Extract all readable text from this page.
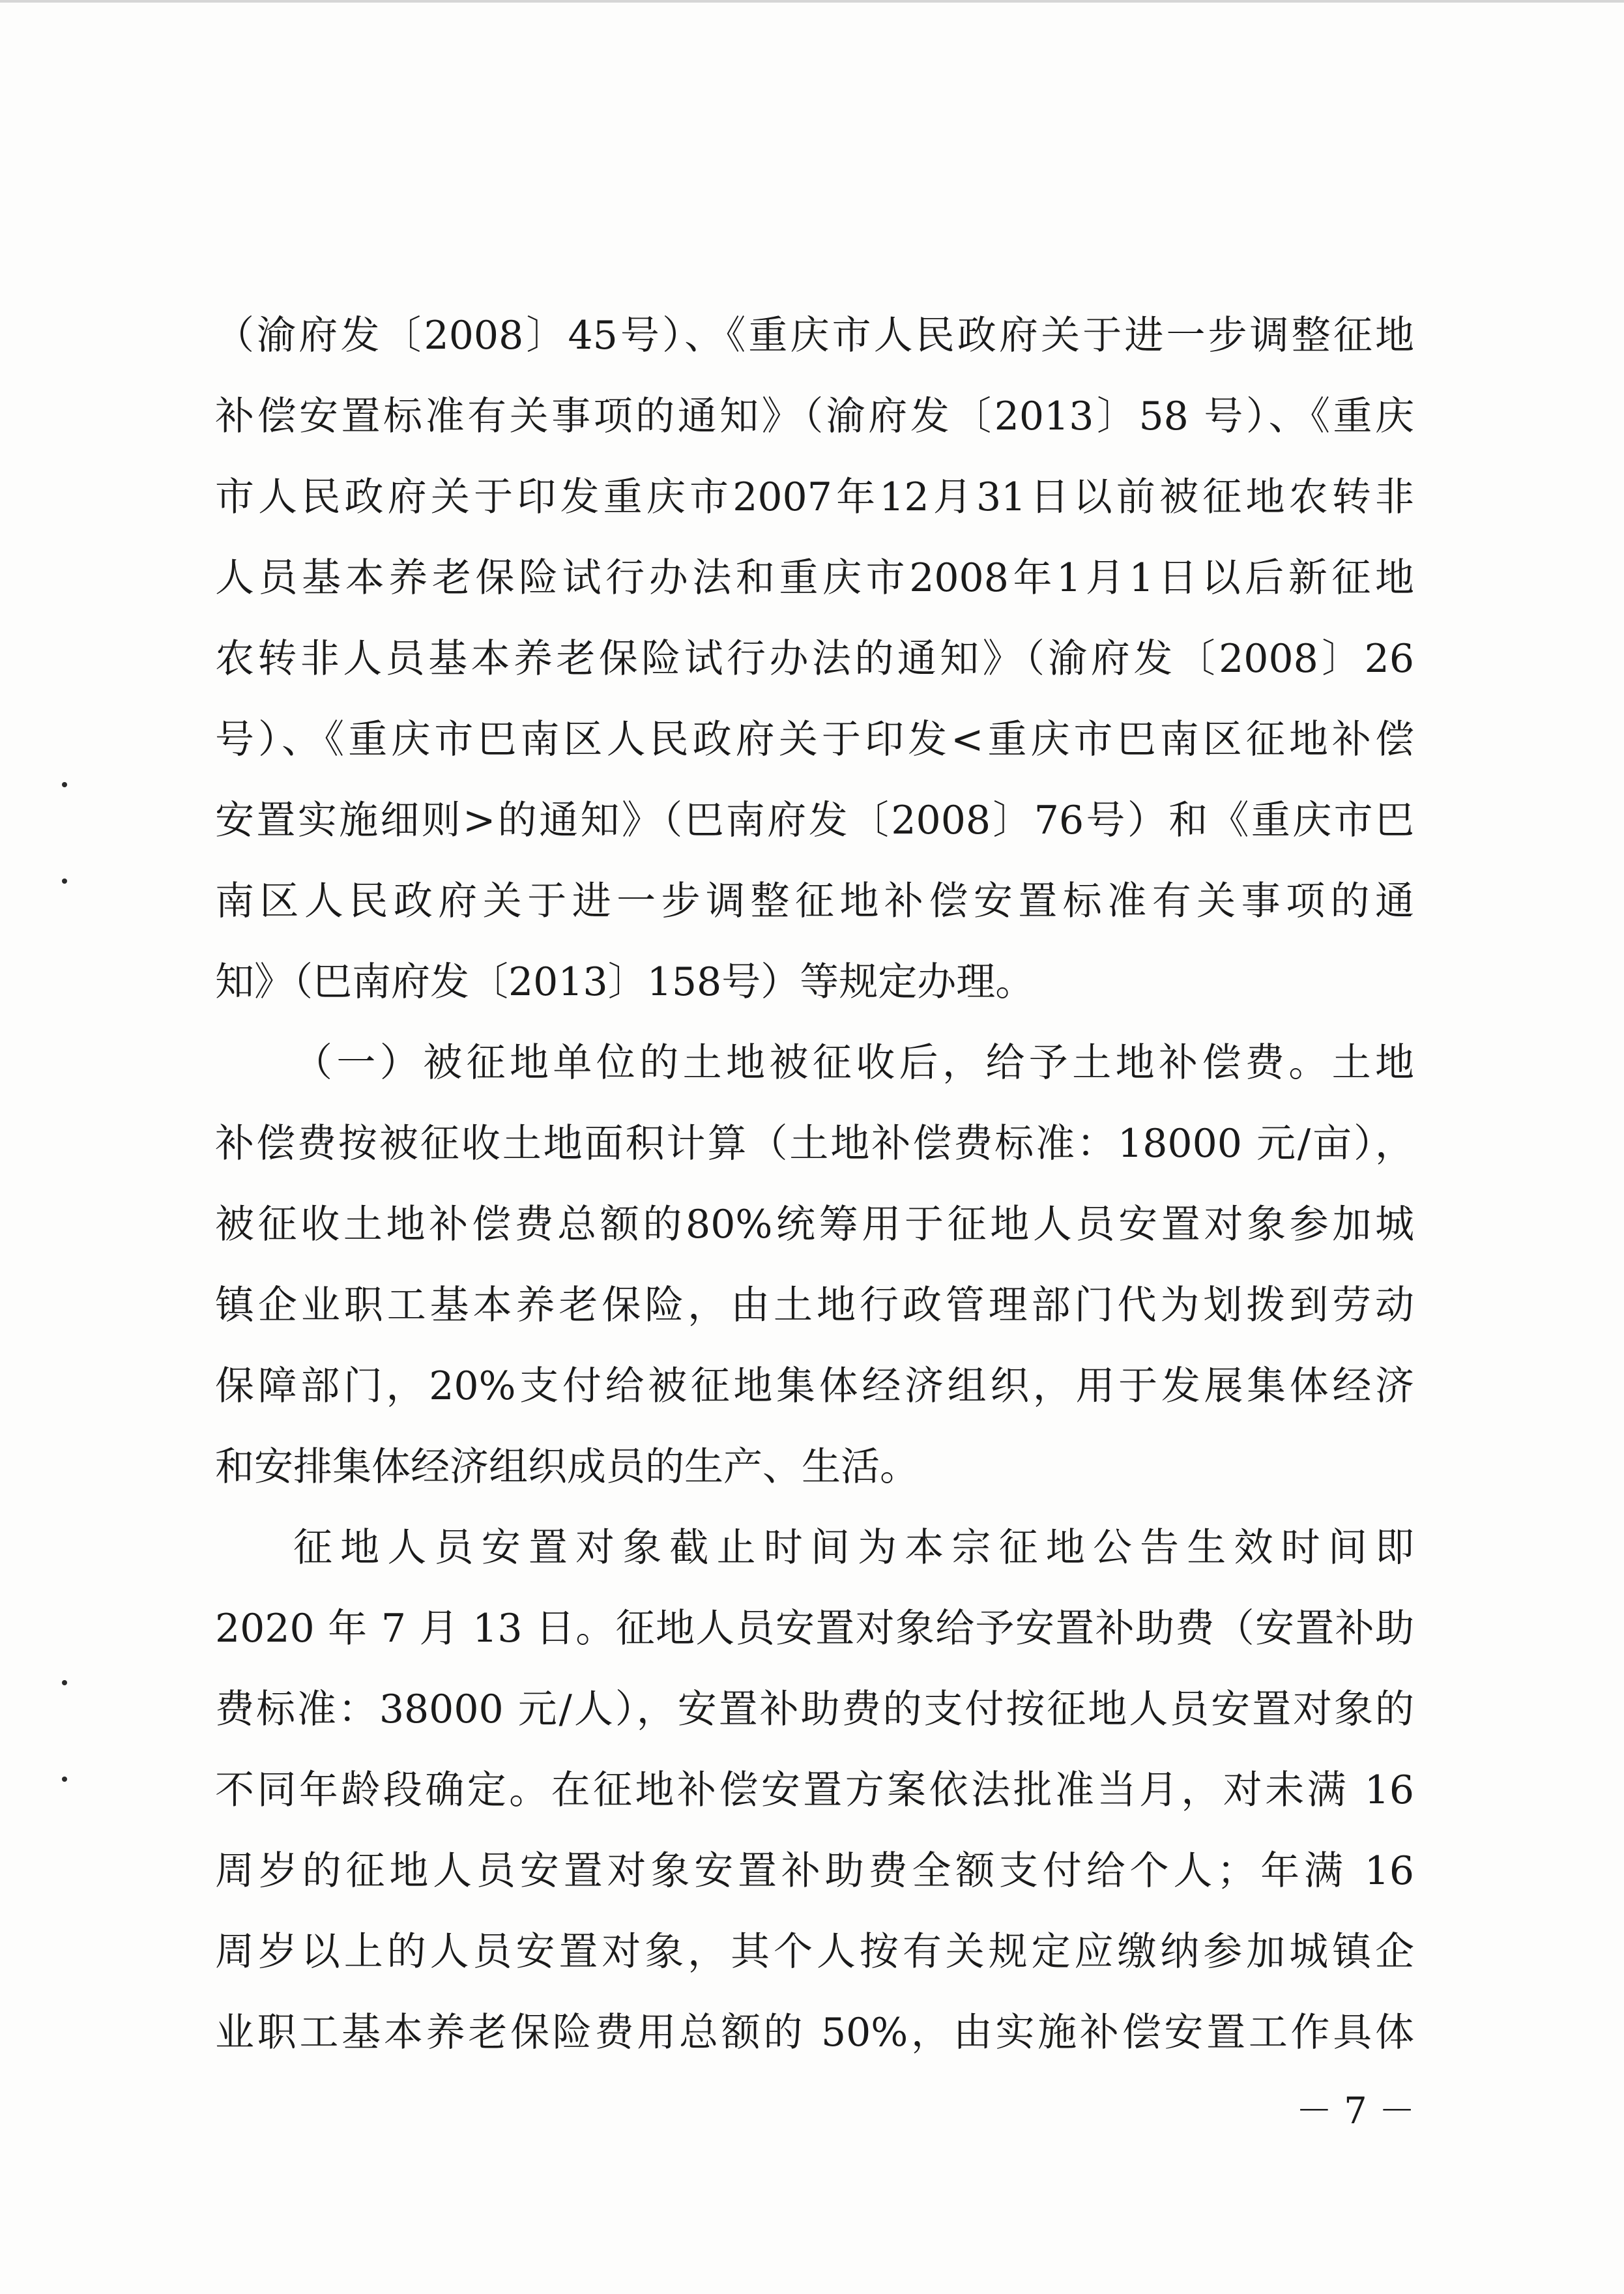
（渝府发〔2008〕45号）、《重庆市人民政府关于进一步调整征地
补偿安置标准有关事项的通知》（渝府发〔2013〕58 号）、《重庆
市人民政府关于印发重庆市2007年12月31日以前被征地农转非
人员基本养老保险试行办法和重庆市2008年1月1日以后新征地
农转非人员基本养老保险试行办法的通知》（渝府发〔2008〕26
号）、《重庆市巴南区人民政府关于印发<重庆市巴南区征地补偿
安置实施细则>的通知》（巴南府发〔2008〕76号）和《重庆市巴
南区人民政府关于进一步调整征地补偿安置标准有关事项的通
知》（巴南府发〔2013〕158号）等规定办理。
（一）被征地单位的土地被征收后，给予土地补偿费。土地
补偿费按被征收土地面积计算（土地补偿费标准：18000 元/亩），
被征收土地补偿费总额的80%统筹用于征地人员安置对象参加城
镇企业职工基本养老保险，由土地行政管理部门代为划拨到劳动
保障部门，20%支付给被征地集体经济组织，用于发展集体经济
和安排集体经济组织成员的生产、生活。
征地人员安置对象截止时间为本宗征地公告生效时间即
2020 年 7 月 13 日。征地人员安置对象给予安置补助费（安置补助
费标准：38000 元/人），安置补助费的支付按征地人员安置对象的
不同年龄段确定。在征地补偿安置方案依法批准当月，对未满 16
周岁的征地人员安置对象安置补助费全额支付给个人；年满 16
周岁以上的人员安置对象，其个人按有关规定应缴纳参加城镇企
业职工基本养老保险费用总额的 50%，由实施补偿安置工作具体
－ 7 －
